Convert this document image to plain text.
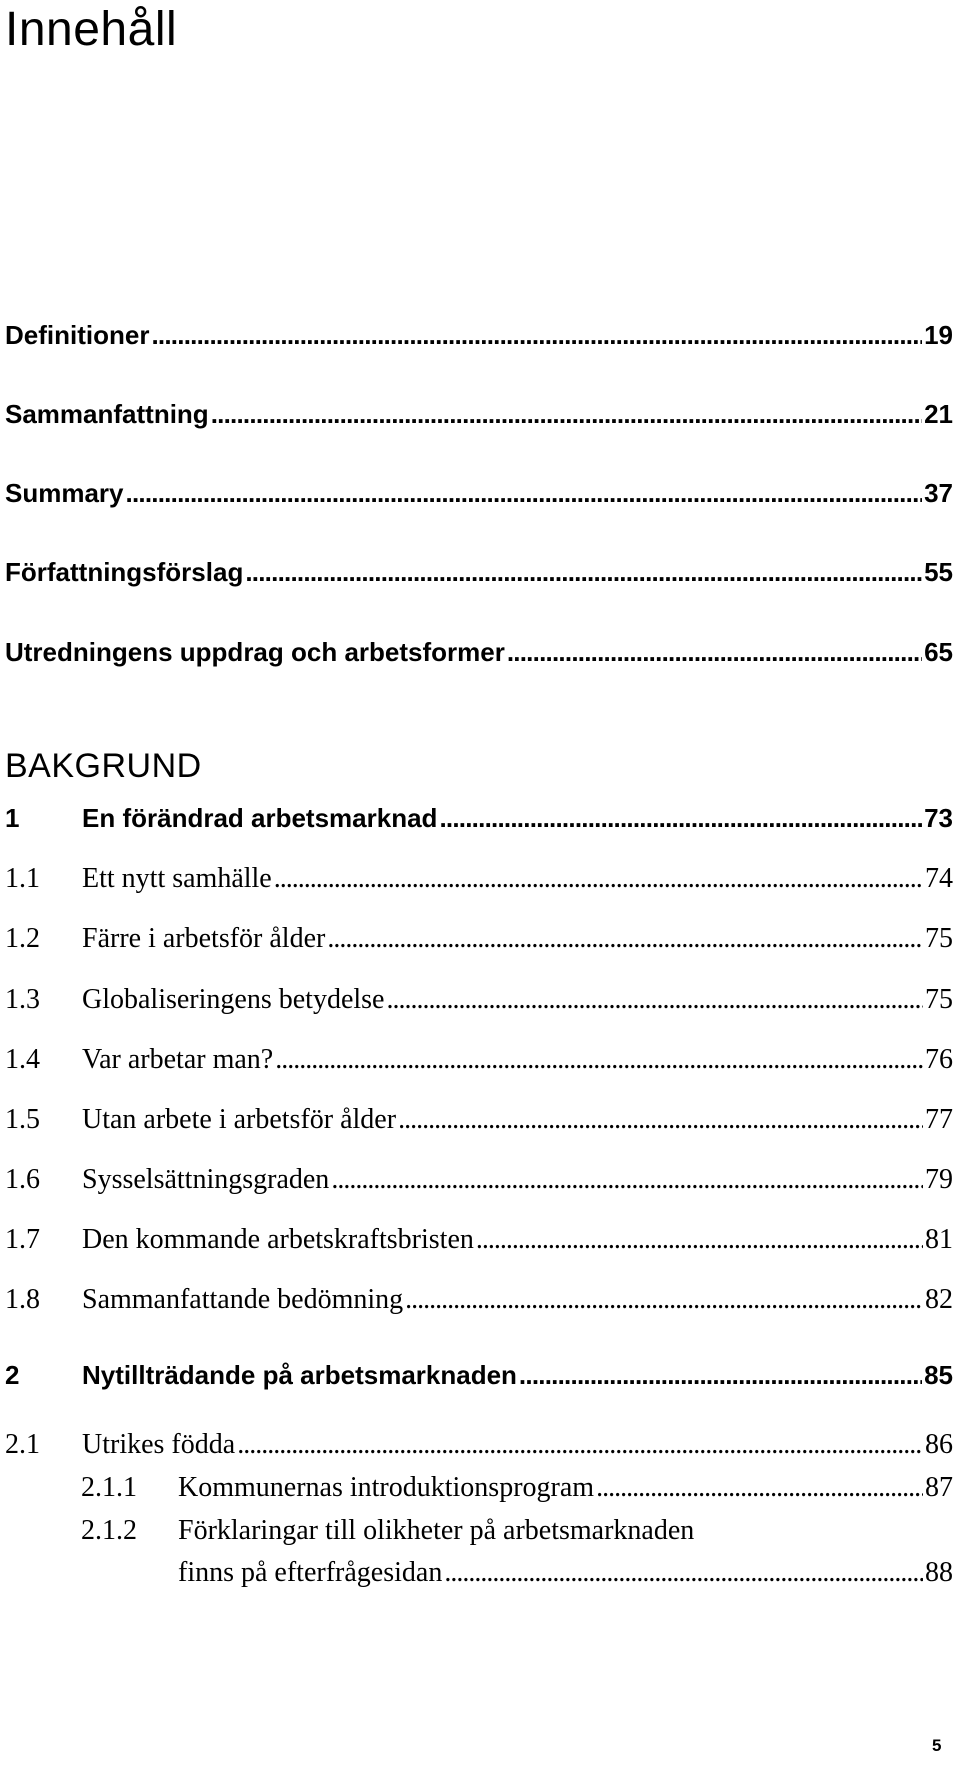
Innehåll
Definitioner . . .	19
Sammanfattning . . .	21
Summary . . .	37
Författningsförslag . . .	55
Utredningens uppdrag och arbetsformer . . .	65
BAKGRUND
1	En förändrad arbetsmarknad . . .	73
1.1	Ett nytt samhälle . . .	74
1.2	Färre i arbetsför ålder . . .	75
1.3	Globaliseringens betydelse . . .	75
1.4	Var arbetar man? . . .	76
1.5	Utan arbete i arbetsför ålder . . .	77
1.6	Sysselsättningsgraden . . .	79
1.7	Den kommande arbetskraftsbristen . . .	81
1.8	Sammanfattande bedömning . . .	82
2	Nytillträdande på arbetsmarknaden . . .	85
2.1	Utrikes födda . . .	86
2.1.1	Kommunernas introduktionsprogram . . .	87
2.1.2 Förklaringar till olikheter på arbetsmarknaden
finns på efterfrågesidan . . .	88
5
